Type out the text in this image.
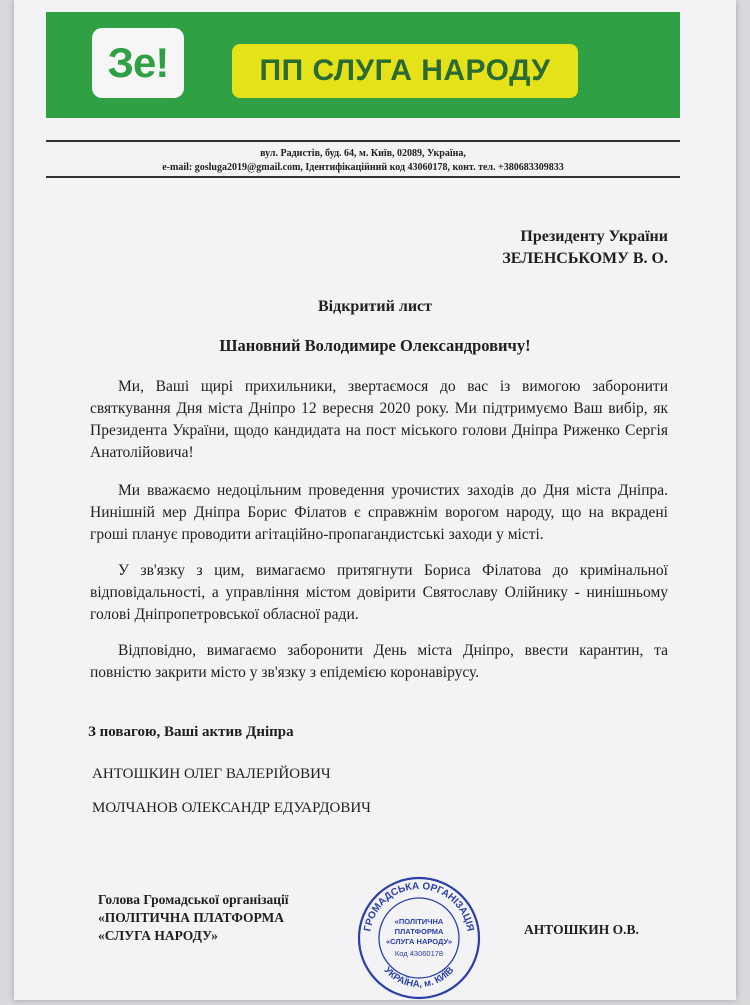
Зе!	ПП СЛУГА НАРОДУ
вул. Радистів, буд. 64, м. Київ, 02089, Україна,
e-mail: gosluga2019@gmail.com, Ідентифікаційний код 43060178, конт. тел. +380683309833
Президенту України
ЗЕЛЕНСЬКОМУ В. О.
Відкритий лист
Шановний Володимире Олександровичу!
Ми, Ваші щирі прихильники, звертаємося до вас із вимогою заборонити святкування Дня міста Дніпро 12 вересня 2020 року. Ми підтримуємо Ваш вибір, як Президента України, щодо кандидата на пост міського голови Дніпра Риженко Сергія Анатолійовича!
Ми вважаємо недоцільним проведення урочистих заходів до Дня міста Дніпра. Нинішній мер Дніпра Борис Філатов є справжнім ворогом народу, що на вкрадені гроші планує проводити агітаційно-пропагандистські заходи у місті.
У зв'язку з цим, вимагаємо притягнути Бориса Філатова до кримінальної відповідальності, а управління містом довірити Святославу Олійнику - нинішньому голові Дніпропетровської обласної ради.
Відповідно, вимагаємо заборонити День міста Дніпро, ввести карантин, та повністю закрити місто у зв'язку з епідемією коронавірусу.
З повагою, Ваші актив Дніпра
АНТОШКИН ОЛЕГ ВАЛЕРІЙОВИЧ
МОЛЧАНОВ ОЛЕКСАНДР ЕДУАРДОВИЧ
Голова Громадської організації
«ПОЛІТИЧНА ПЛАТФОРМА
«СЛУГА НАРОДУ»	АНТОШКИН О.В.
ГРОМАДСЬКА ОРГАНІЗАЦІЯ
УКРАЇНА, м. КИЇВ
«ПОЛІТИЧНА
ПЛАТФОРМА
«СЛУГА НАРОДУ»
Код 43060178
